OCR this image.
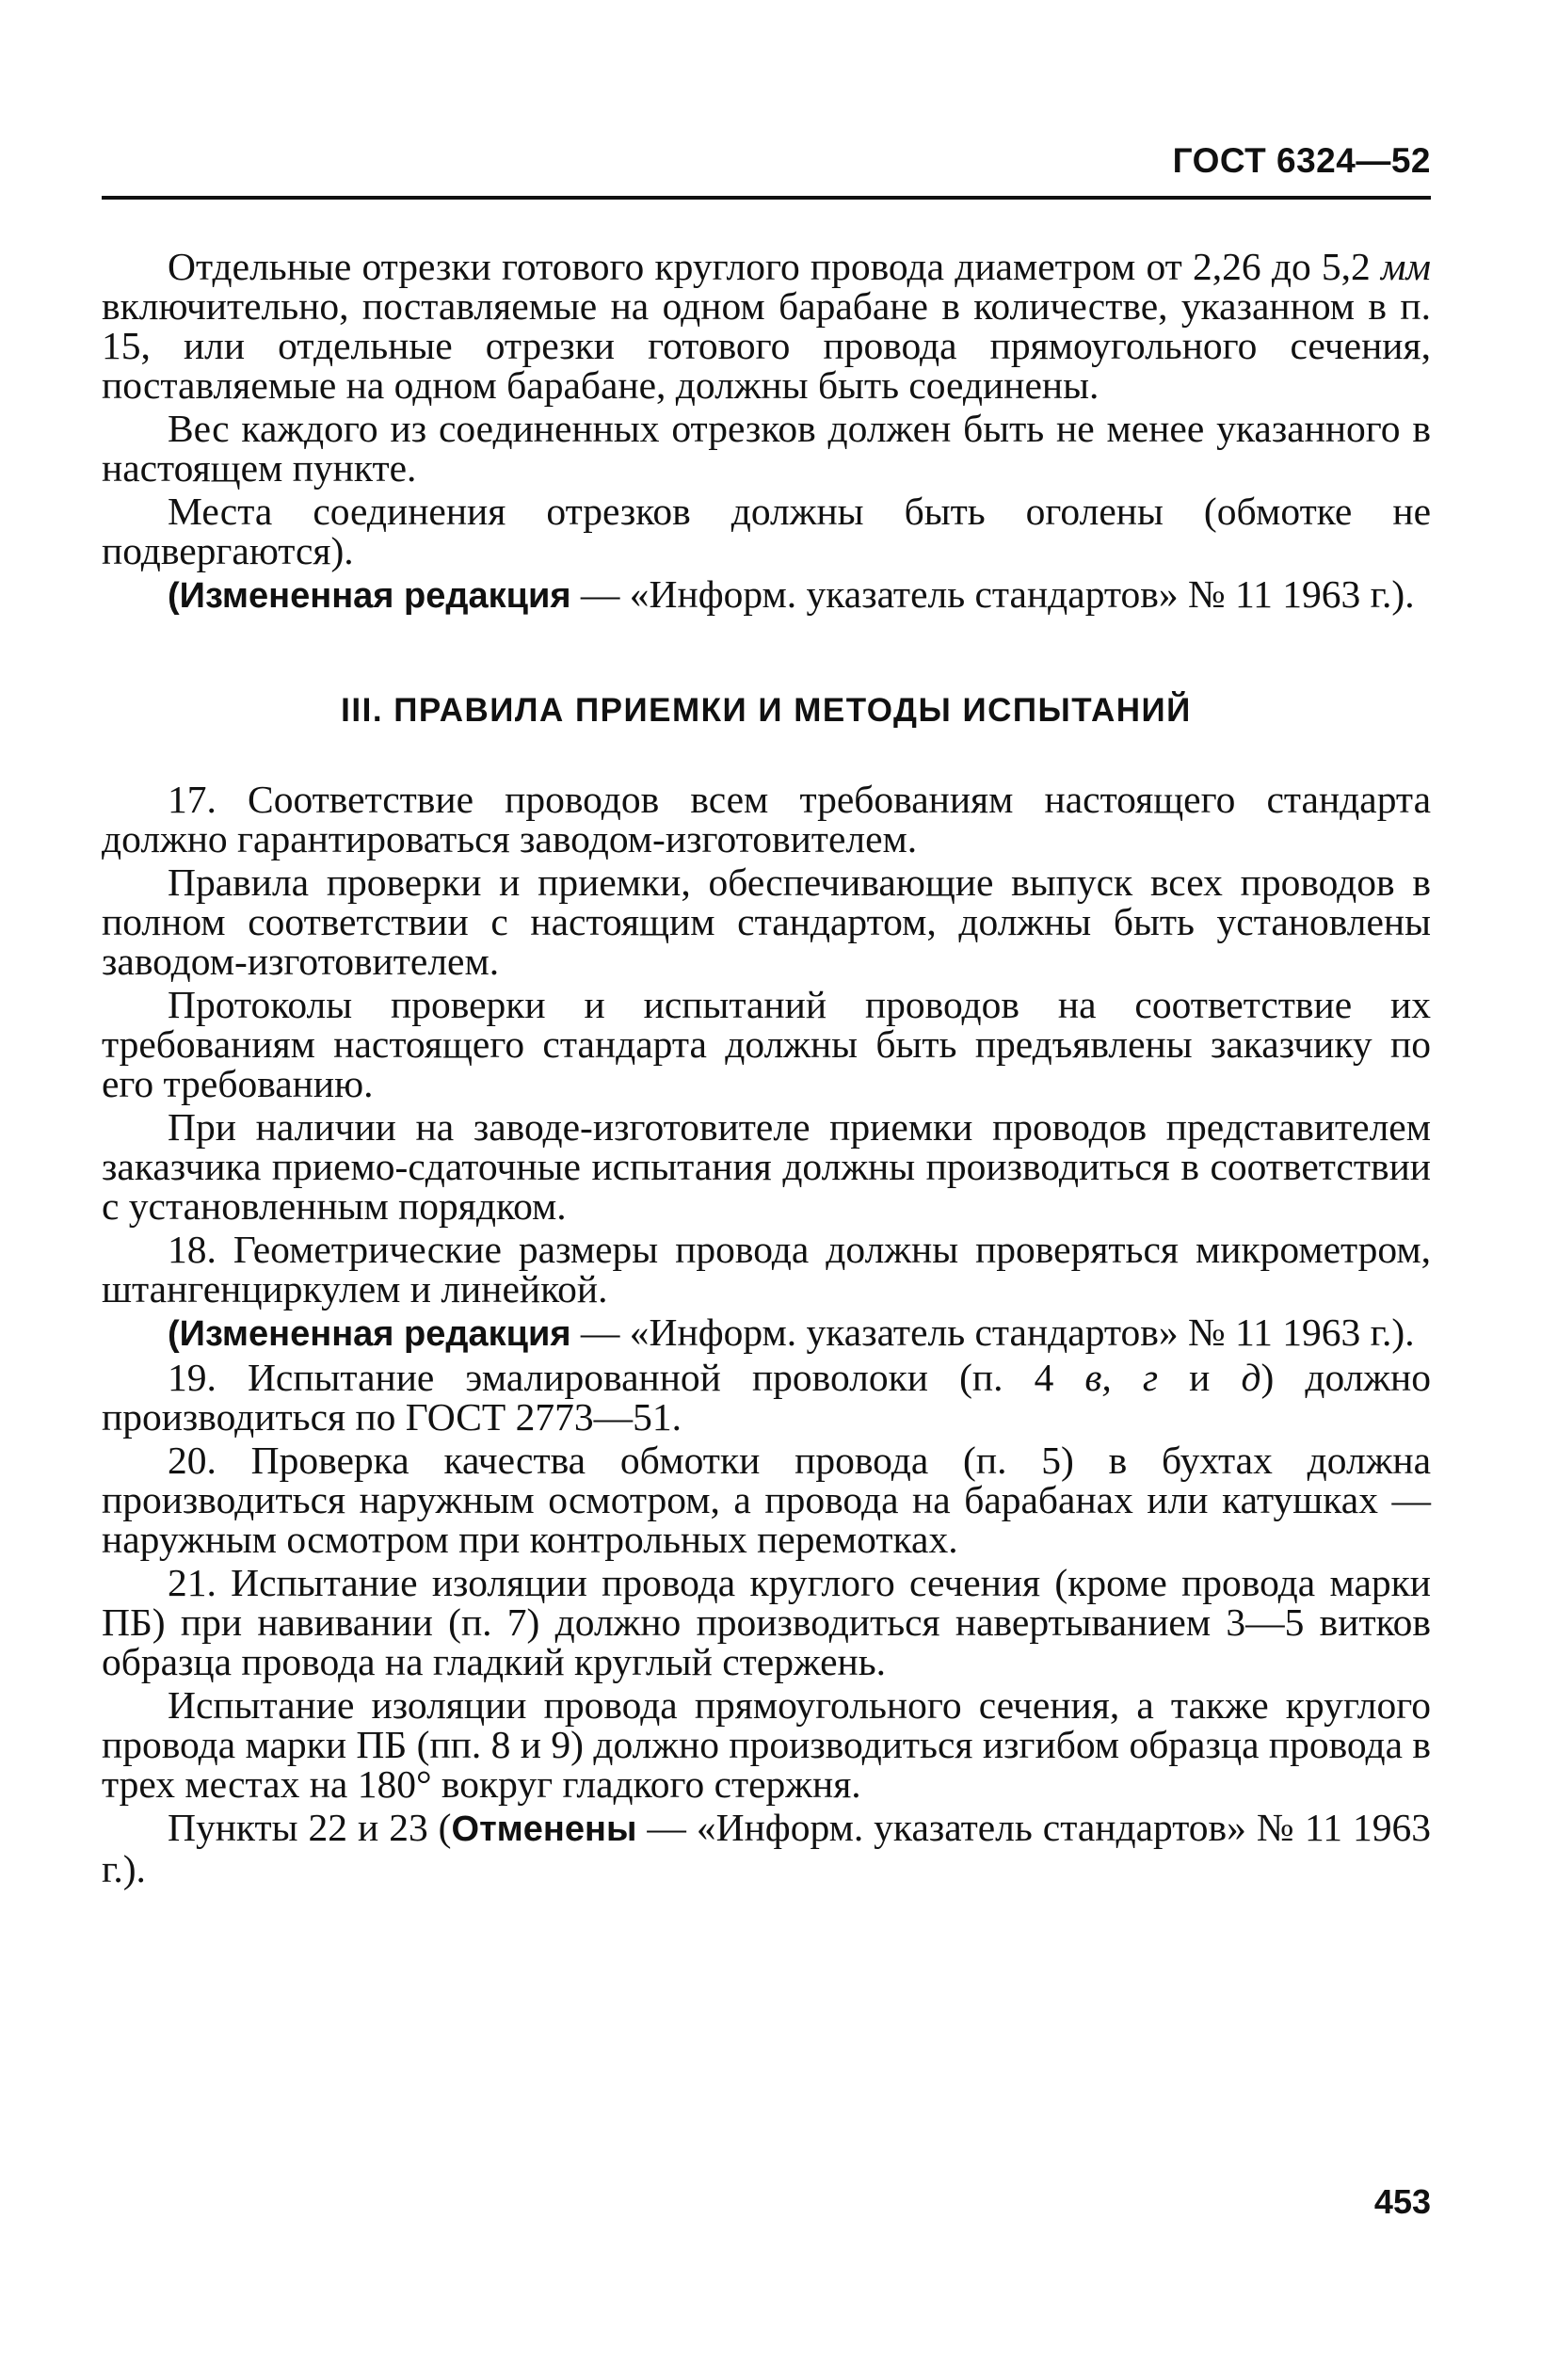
ГОСТ 6324—52

Отдельные отрезки готового круглого провода диаметром от 2,26 до 5,2 мм включительно, поставляемые на одном барабане в количестве, указанном в п. 15, или отдельные отрезки готового провода прямоугольного сечения, поставляемые на одном барабане, должны быть соединены.

Вес каждого из соединенных отрезков должен быть не менее указанного в настоящем пункте.

Места соединения отрезков должны быть оголены (обмотке не подвергаются).

(Измененная редакция — «Информ. указатель стандартов» № 11 1963 г.).

III. ПРАВИЛА ПРИЕМКИ И МЕТОДЫ ИСПЫТАНИЙ

17. Соответствие проводов всем требованиям настоящего стандарта должно гарантироваться заводом-изготовителем.

Правила проверки и приемки, обеспечивающие выпуск всех проводов в полном соответствии с настоящим стандартом, должны быть установлены заводом-изготовителем.

Протоколы проверки и испытаний проводов на соответствие их требованиям настоящего стандарта должны быть предъявлены заказчику по его требованию.

При наличии на заводе-изготовителе приемки проводов представителем заказчика приемо-сдаточные испытания должны производиться в соответствии с установленным порядком.

18. Геометрические размеры провода должны проверяться микрометром, штангенциркулем и линейкой.

(Измененная редакция — «Информ. указатель стандартов» № 11 1963 г.).

19. Испытание эмалированной проволоки (п. 4 в, г и д) должно производиться по ГОСТ 2773—51.

20. Проверка качества обмотки провода (п. 5) в бухтах должна производиться наружным осмотром, а провода на барабанах или катушках — наружным осмотром при контрольных перемотках.

21. Испытание изоляции провода круглого сечения (кроме провода марки ПБ) при навивании (п. 7) должно производиться навертыванием 3—5 витков образца провода на гладкий круглый стержень.

Испытание изоляции провода прямоугольного сечения, а также круглого провода марки ПБ (пп. 8 и 9) должно производиться изгибом образца провода в трех местах на 180° вокруг гладкого стержня.

Пункты 22 и 23 (Отменены — «Информ. указатель стандартов» № 11 1963 г.).

453
